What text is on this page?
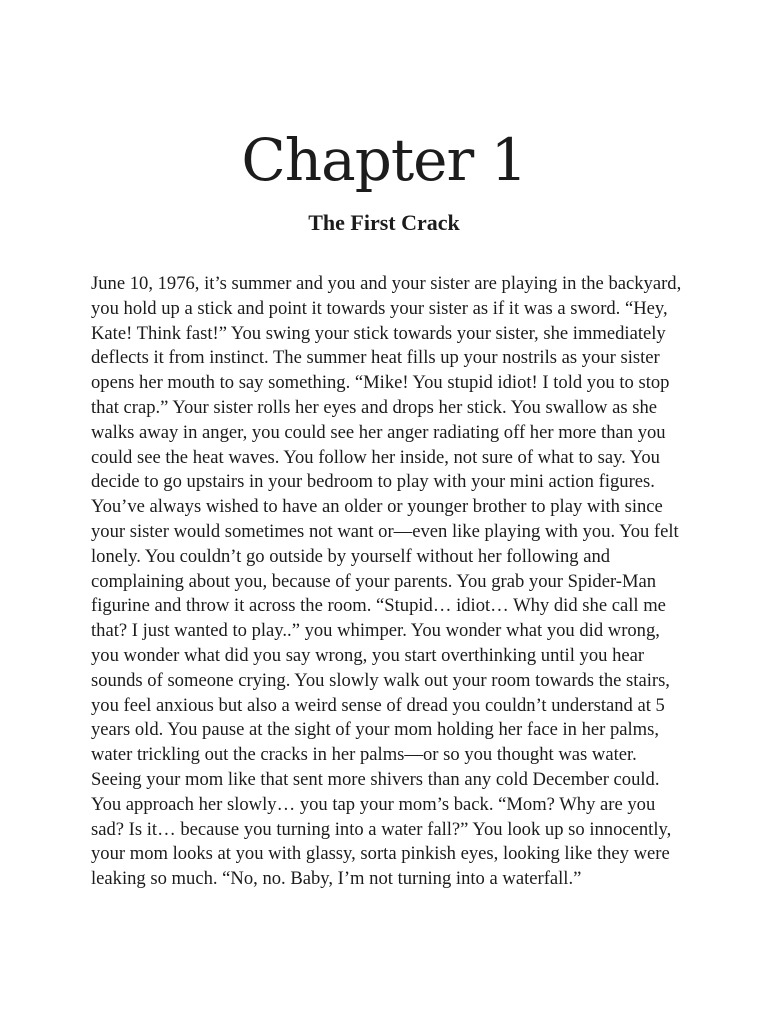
Chapter 1
The First Crack
June 10, 1976, it’s summer and you and your sister are playing in the backyard,
you hold up a stick and point it towards your sister as if it was a sword. “Hey,
Kate! Think fast!” You swing your stick towards your sister, she immediately
deflects it from instinct. The summer heat fills up your nostrils as your sister
opens her mouth to say something. “Mike! You stupid idiot! I told you to stop
that crap.” Your sister rolls her eyes and drops her stick. You swallow as she
walks away in anger, you could see her anger radiating off her more than you
could see the heat waves. You follow her inside, not sure of what to say. You
decide to go upstairs in your bedroom to play with your mini action figures.
You’ve always wished to have an older or younger brother to play with since
your sister would sometimes not want or—even like playing with you. You felt
lonely. You couldn’t go outside by yourself without her following and
complaining about you, because of your parents. You grab your Spider-Man
figurine and throw it across the room. “Stupid… idiot… Why did she call me
that? I just wanted to play..” you whimper. You wonder what you did wrong,
you wonder what did you say wrong, you start overthinking until you hear
sounds of someone crying. You slowly walk out your room towards the stairs,
you feel anxious but also a weird sense of dread you couldn’t understand at 5
years old. You pause at the sight of your mom holding her face in her palms,
water trickling out the cracks in her palms—or so you thought was water.
Seeing your mom like that sent more shivers than any cold December could.
You approach her slowly… you tap your mom’s back. “Mom? Why are you
sad? Is it… because you turning into a water fall?” You look up so innocently,
your mom looks at you with glassy, sorta pinkish eyes, looking like they were
leaking so much. “No, no. Baby, I’m not turning into a waterfall.”
